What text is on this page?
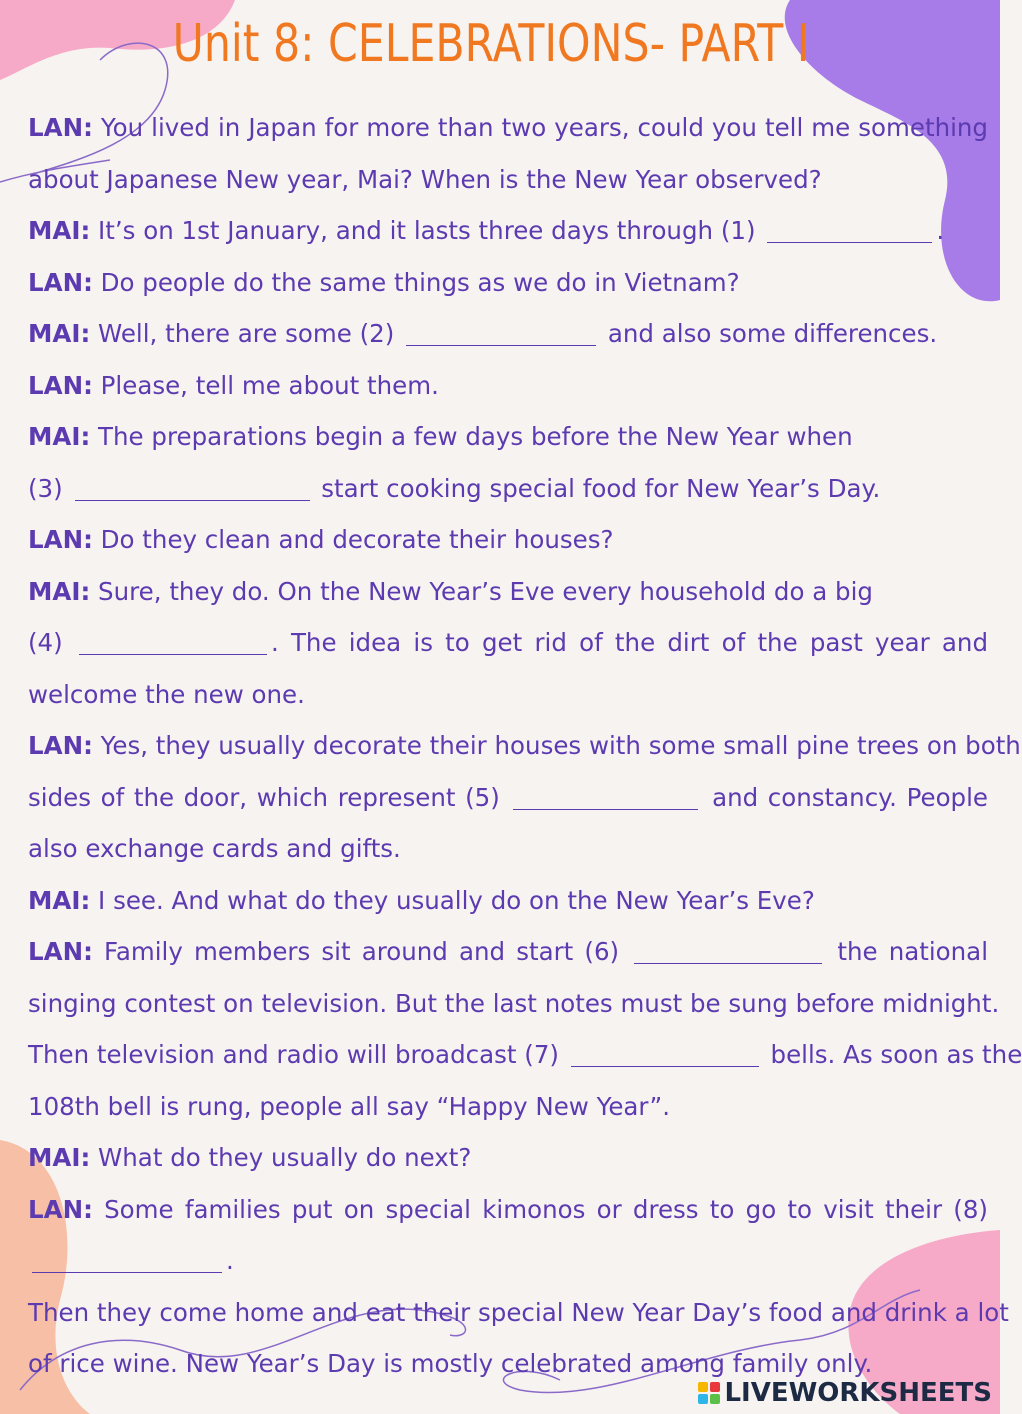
Unit 8: CELEBRATIONS- PART I
LAN: You lived in Japan for more than two years, could you tell me something
about Japanese New year, Mai? When is the New Year observed?
MAI: It’s on 1st January, and it lasts three days through (1)	.
LAN: Do people do the same things as we do in Vietnam?
MAI: Well, there are some (2)	and also some differences.
LAN: Please, tell me about them.
MAI: The preparations begin a few days before the New Year when
(3)	start cooking special food for New Year’s Day.
LAN: Do they clean and decorate their houses?
MAI: Sure, they do. On the New Year’s Eve every household do a big
(4)	. The idea is to get rid of the dirt of the past year and
welcome the new one.
LAN: Yes, they usually decorate their houses with some small pine trees on both
sides of the door, which represent (5)	and constancy. People
also exchange cards and gifts.
MAI: I see. And what do they usually do on the New Year’s Eve?
LAN: Family members sit around and start (6)	the national
singing contest on television. But the last notes must be sung before midnight.
Then television and radio will broadcast (7)	bells. As soon as the
108th bell is rung, people all say “Happy New Year”.
MAI: What do they usually do next?
LAN: Some families put on special kimonos or dress to go to visit their (8)
.
Then they come home and eat their special New Year Day’s food and drink a lot
of rice wine. New Year’s Day is mostly celebrated among family only.
LIVEWORKSHEETS
